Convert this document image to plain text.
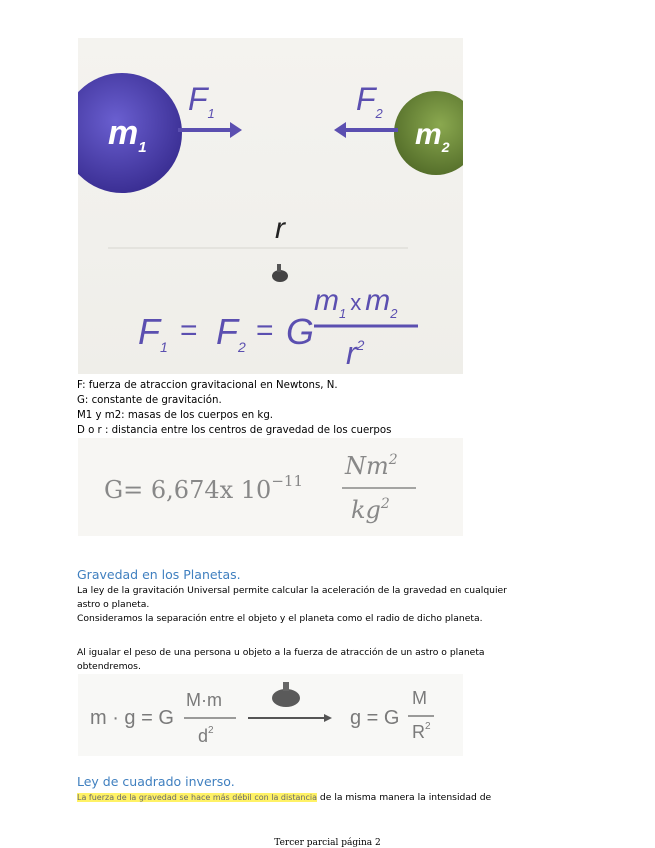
$m_1$	$m_2$
$F_1$	$F_2$
r
$F_1 = F_2 = G$
$m_1$ $^x$ $m_2$
$r^2$
F: fuerza de atraccion gravitacional en Newtons, N.
G: constante de gravitación.
M1 y m2: masas de los cuerpos en kg.
D o r : distancia entre los centros de gravedad de los cuerpos
G= 6,674x $10^{-11}$
Nm$^2$
$kg^2$
Gravedad en los Planetas.
La ley de la gravitación Universal permite calcular la aceleración de la gravedad en cualquier
astro o planeta.
Consideramos la separación entre el objeto y el planeta como el radio de dicho planeta.
Al igualar el peso de una persona u objeto a la fuerza de atracción de un astro o planeta
obtendremos.
m · g = G
M·m
$d^2$
g = G
M
$R^2$
Ley de cuadrado inverso.
La fuerza de la gravedad se hace más débil con la distancia de la misma manera la intensidad de
Tercer parcial página 2
